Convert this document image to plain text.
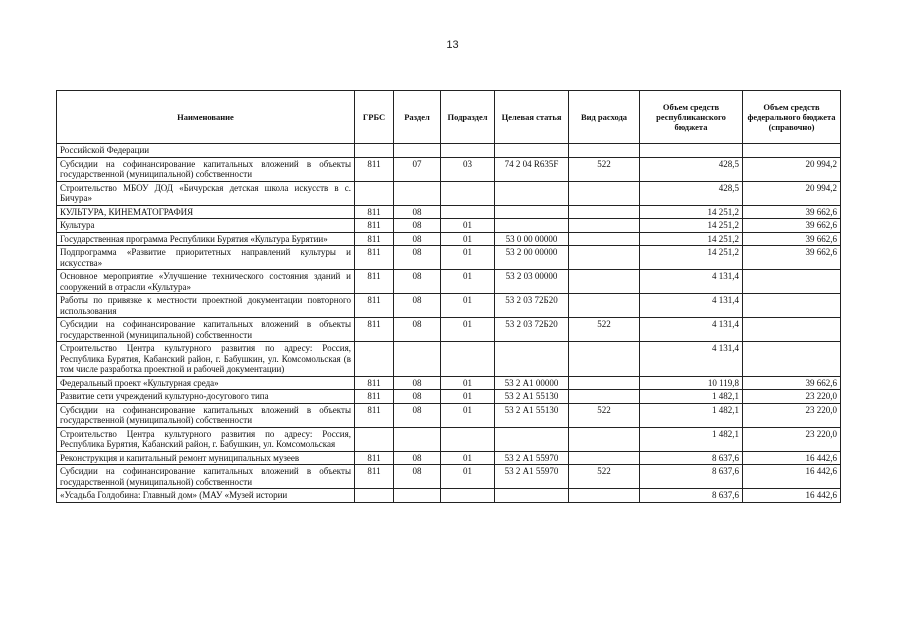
13
Наименование	ГРБС	Раздел	Подраздел	Целевая статья	Вид расхода	Объем средств республиканского бюджета	Объем средств федерального бюджета (справочно)
Российской Федерации							
Субсидии на софинансирование капитальных вложений в объекты государственной (муниципальной) собственности	811	07	03	74 2 04 R635F	522	428,5	20 994,2
Строительство МБОУ ДОД «Бичурская детская школа искусств в с. Бичура»						428,5	20 994,2
КУЛЬТУРА, КИНЕМАТОГРАФИЯ	811	08				14 251,2	39 662,6
Культура	811	08	01			14 251,2	39 662,6
Государственная программа Республики Бурятия «Культура Бурятии»	811	08	01	53 0 00 00000		14 251,2	39 662,6
Подпрограмма «Развитие приоритетных направлений культуры и искусства»	811	08	01	53 2 00 00000		14 251,2	39 662,6
Основное мероприятие «Улучшение технического состояния зданий и сооружений в отрасли «Культура»	811	08	01	53 2 03 00000		4 131,4	
Работы по привязке к местности проектной документации повторного использования	811	08	01	53 2 03 72Б20		4 131,4	
Субсидии на софинансирование капитальных вложений в объекты государственной (муниципальной) собственности	811	08	01	53 2 03 72Б20	522	4 131,4	
Строительство Центра культурного развития по адресу: Россия, Республика Бурятия, Кабанский район, г. Бабушкин, ул. Комсомольская (в том числе разработка проектной и рабочей документации)						4 131,4	
Федеральный проект «Культурная среда»	811	08	01	53 2 А1 00000		10 119,8	39 662,6
Развитие сети учреждений культурно-досугового типа	811	08	01	53 2 А1 55130		1 482,1	23 220,0
Субсидии на софинансирование капитальных вложений в объекты государственной (муниципальной) собственности	811	08	01	53 2 А1 55130	522	1 482,1	23 220,0
Строительство Центра культурного развития по адресу: Россия, Республика Бурятия, Кабанский район, г. Бабушкин, ул. Комсомольская						1 482,1	23 220,0
Реконструкция и капитальный ремонт муниципальных музеев	811	08	01	53 2 А1 55970		8 637,6	16 442,6
Субсидии на софинансирование капитальных вложений в объекты государственной (муниципальной) собственности	811	08	01	53 2 А1 55970	522	8 637,6	16 442,6
«Усадьба Голдобина: Главный дом» (МАУ «Музей истории						8 637,6	16 442,6
